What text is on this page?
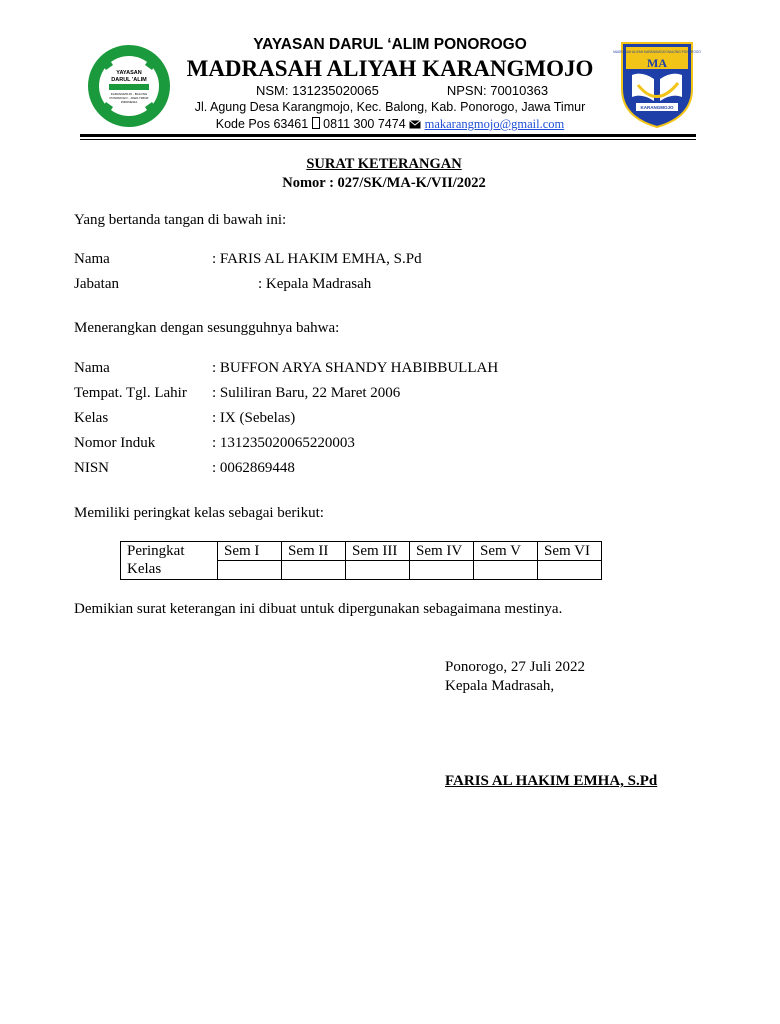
YAYASAN
DARUL 'ALIM
KARANGMOJO - BALONG
PONOROGO - JAWA TIMUR
INDONESIA
MADRASAH ALIYAH KARANGMOJO BALONG PONOROGO
MA
KARANGMOJO
YAYASAN DARUL ‘ALIM PONOROGO
MADRASAH ALIYAH KARANGMOJO
NSM: 131235020065	NPSN: 70010363
Jl. Agung Desa Karangmojo, Kec. Balong, Kab. Ponorogo, Jawa Timur
Kode Pos 63461  0811 300 7474  makarangmojo@gmail.com
SURAT KETERANGAN
Nomor : 027/SK/MA-K/VII/2022
Yang bertanda tangan di bawah ini:
Nama	: FARIS AL HAKIM EMHA, S.Pd
Jabatan	: Kepala Madrasah
Menerangkan dengan sesungguhnya bahwa:
Nama	: BUFFON ARYA SHANDY HABIBBULLAH
Tempat. Tgl. Lahir : Suliliran Baru, 22 Maret 2006
Kelas	: IX (Sebelas)
Nomor Induk	: 131235020065220003
NISN	: 0062869448
Memiliki peringkat kelas sebagai berikut:
Peringkat
Kelas	Sem I	Sem II	Sem III	Sem IV	Sem V	Sem VI

Demikian surat keterangan ini dibuat untuk dipergunakan sebagaimana mestinya.
Ponorogo, 27 Juli 2022
Kepala Madrasah,
FARIS AL HAKIM EMHA, S.Pd
